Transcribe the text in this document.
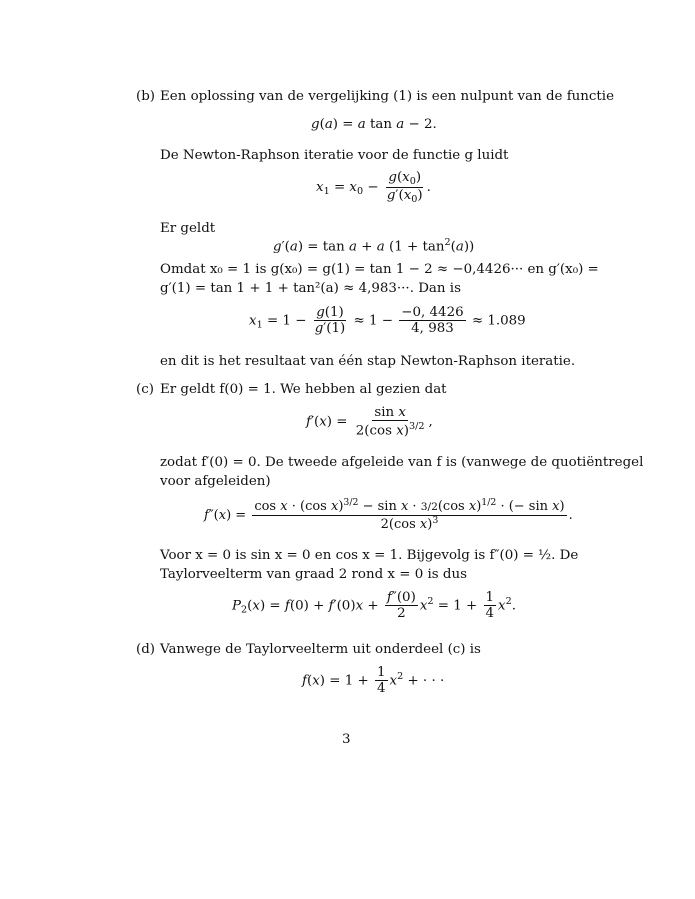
(b) Een oplossing van de vergelijking (1) is een nulpunt van de functie
g(a) = a tan a − 2.
De Newton-Raphson iteratie voor de functie g luidt
$x_1 = x_0 - \frac{g(x_0)}{g'(x_0)}$ .
Er geldt
g′(a) = tan a + a $(1 + \tan^2(a))$
Omdat x₀ = 1 is g(x₀) = g(1) = tan 1 − 2 ≈ −0,4426··· en g′(x₀) =
g′(1) = tan 1 + 1 + tan²(a) ≈ 4,983···. Dan is
$x_1 = 1 - \frac{g(1)}{g'(1)} \approx 1 - \frac{-0, 4426}{4, 983} \approx 1.089$
en dit is het resultaat van één stap Newton-Raphson iteratie.
(c) Er geldt f(0) = 1. We hebben al gezien dat
$f'(x) = \frac{\text{sin x}}{2(\cos x)^{3/2}}$ ,
zodat f′(0) = 0. De tweede afgeleide van f is (vanwege de quotiëntregel
voor afgeleiden)
$f''(x) = \frac{\cos x \cdot (\cos x)^{3/2} - \sin x \cdot 3/2(\cos x)^{1/2} \cdot (- \sin x)}{2(\cos x)^3}$ .
Voor x = 0 is sin x = 0 en cos x = 1. Bijgevolg is f″(0) = ½. De
Taylorveelterm van graad 2 rond x = 0 is dus
$P_2(x) = f(0) + f'(0)x + \frac{f''(0)}{2} x^2 = 1 + \frac{1}{4} x^2$.
(d) Vanwege de Taylorveelterm uit onderdeel (c) is
$f(x) = 1 + \frac{1}{4} x^2$ + · · ·
3
